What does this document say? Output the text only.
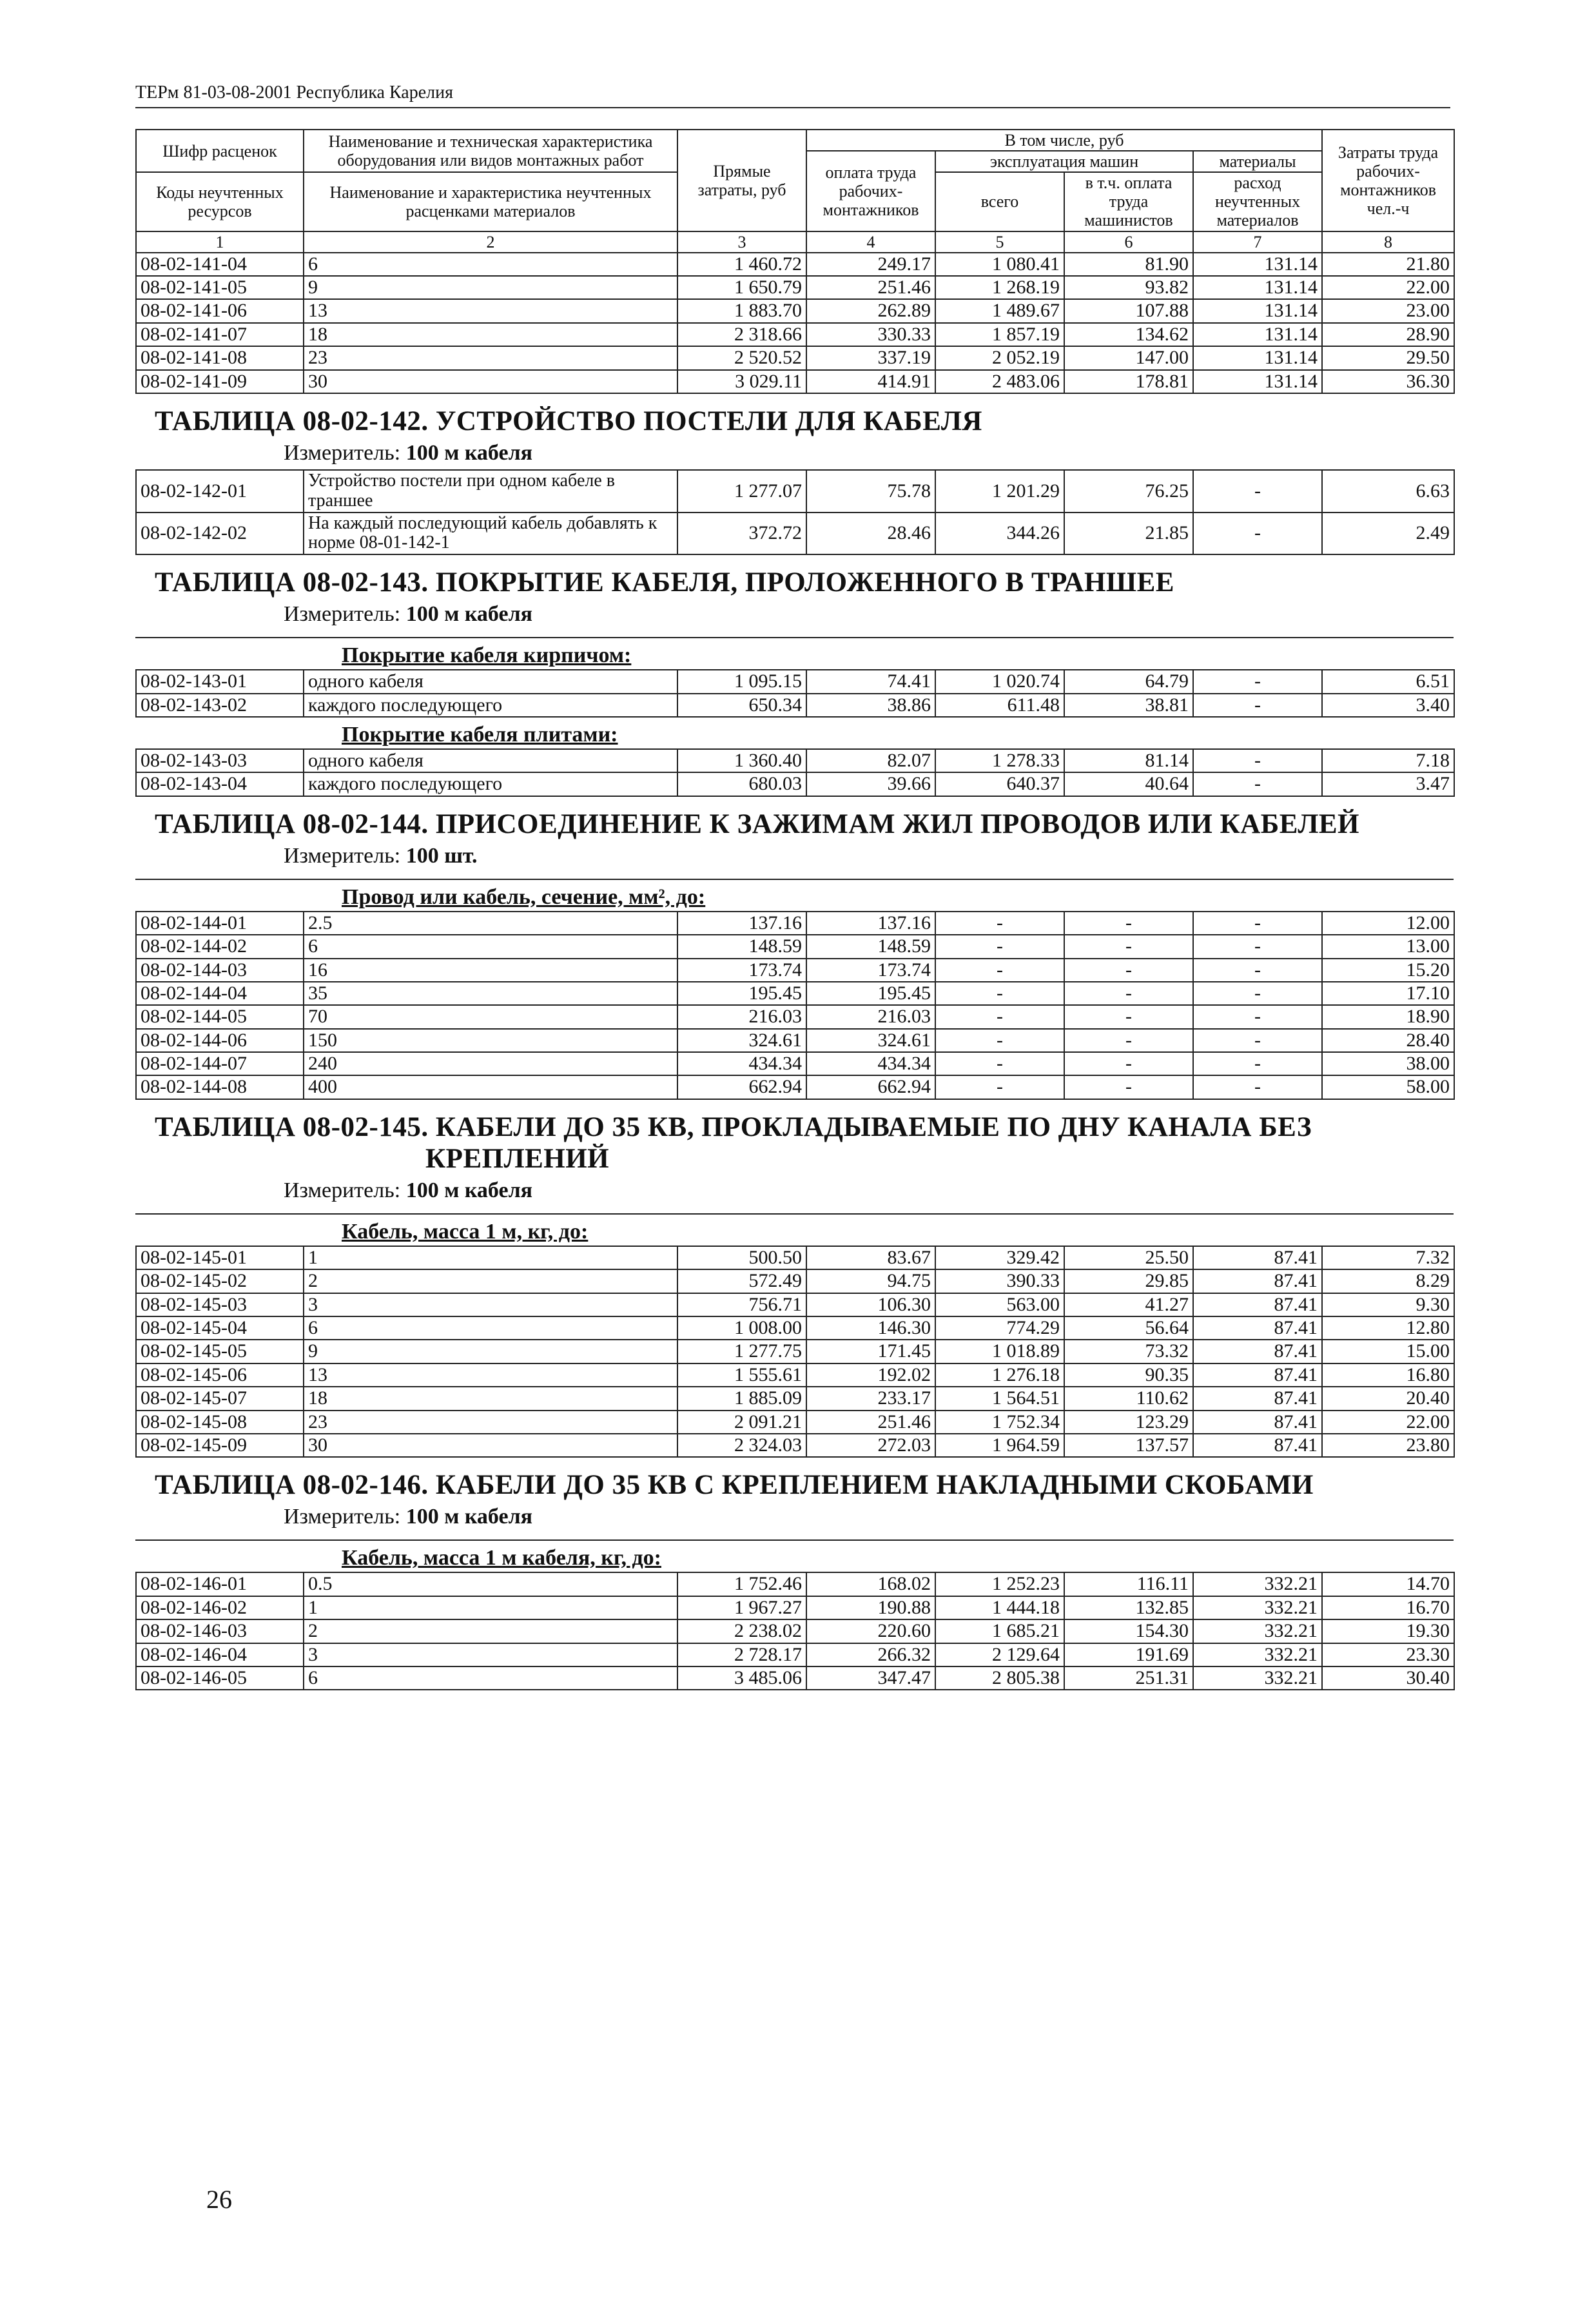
ТЕРм 81-03-08-2001 Республика Карелия
Шифр расценок	Наименование и техническая характеристика оборудования или видов монтажных работ	Прямые затраты, руб	В том числе, руб				Затраты труда рабочих-монтажников чел.-ч
			оплата труда рабочих-монтажников	эксплуатация машин		материалы	
				всего	в т.ч. оплата труда машинистов	расход неучтенных материалов	
Коды неучтенных ресурсов	Наименование и характеристика неучтенных расценками материалов						
1	2	3	4	5	6	7	8
08-02-141-04	6	1 460.72	249.17	1 080.41	81.90	131.14	21.80
08-02-141-05	9	1 650.79	251.46	1 268.19	93.82	131.14	22.00
08-02-141-06	13	1 883.70	262.89	1 489.67	107.88	131.14	23.00
08-02-141-07	18	2 318.66	330.33	1 857.19	134.62	131.14	28.90
08-02-141-08	23	2 520.52	337.19	2 052.19	147.00	131.14	29.50
08-02-141-09	30	3 029.11	414.91	2 483.06	178.81	131.14	36.30
ТАБЛИЦА 08-02-142. УСТРОЙСТВО ПОСТЕЛИ ДЛЯ КАБЕЛЯ
Измеритель: 100 м кабеля
08-02-142-01	Устройство постели при одном кабеле в траншее	1 277.07	75.78	1 201.29	76.25	-	6.63
08-02-142-02	На каждый последующий кабель добавлять к норме 08-01-142-1	372.72	28.46	344.26	21.85	-	2.49
ТАБЛИЦА 08-02-143. ПОКРЫТИЕ КАБЕЛЯ, ПРОЛОЖЕННОГО В ТРАНШЕЕ
Измеритель: 100 м кабеля
Покрытие кабеля кирпичом:
08-02-143-01	одного кабеля	1 095.15	74.41	1 020.74	64.79	-	6.51
08-02-143-02	каждого последующего	650.34	38.86	611.48	38.81	-	3.40
Покрытие кабеля плитами:
08-02-143-03	одного кабеля	1 360.40	82.07	1 278.33	81.14	-	7.18
08-02-143-04	каждого последующего	680.03	39.66	640.37	40.64	-	3.47
ТАБЛИЦА 08-02-144. ПРИСОЕДИНЕНИЕ К ЗАЖИМАМ ЖИЛ ПРОВОДОВ ИЛИ КАБЕЛЕЙ
Измеритель: 100 шт.
Провод или кабель, сечение, мм², до:
08-02-144-01	2.5	137.16	137.16	-	-	-	12.00
08-02-144-02	6	148.59	148.59	-	-	-	13.00
08-02-144-03	16	173.74	173.74	-	-	-	15.20
08-02-144-04	35	195.45	195.45	-	-	-	17.10
08-02-144-05	70	216.03	216.03	-	-	-	18.90
08-02-144-06	150	324.61	324.61	-	-	-	28.40
08-02-144-07	240	434.34	434.34	-	-	-	38.00
08-02-144-08	400	662.94	662.94	-	-	-	58.00
ТАБЛИЦА 08-02-145. КАБЕЛИ ДО 35 КВ, ПРОКЛАДЫВАЕМЫЕ ПО ДНУ КАНАЛА БЕЗ
КРЕПЛЕНИЙ
Измеритель: 100 м кабеля
Кабель, масса 1 м, кг, до:
08-02-145-01	1	500.50	83.67	329.42	25.50	87.41	7.32
08-02-145-02	2	572.49	94.75	390.33	29.85	87.41	8.29
08-02-145-03	3	756.71	106.30	563.00	41.27	87.41	9.30
08-02-145-04	6	1 008.00	146.30	774.29	56.64	87.41	12.80
08-02-145-05	9	1 277.75	171.45	1 018.89	73.32	87.41	15.00
08-02-145-06	13	1 555.61	192.02	1 276.18	90.35	87.41	16.80
08-02-145-07	18	1 885.09	233.17	1 564.51	110.62	87.41	20.40
08-02-145-08	23	2 091.21	251.46	1 752.34	123.29	87.41	22.00
08-02-145-09	30	2 324.03	272.03	1 964.59	137.57	87.41	23.80
ТАБЛИЦА 08-02-146. КАБЕЛИ ДО 35 КВ С КРЕПЛЕНИЕМ НАКЛАДНЫМИ СКОБАМИ
Измеритель: 100 м кабеля
Кабель, масса 1 м кабеля, кг, до:
08-02-146-01	0.5	1 752.46	168.02	1 252.23	116.11	332.21	14.70
08-02-146-02	1	1 967.27	190.88	1 444.18	132.85	332.21	16.70
08-02-146-03	2	2 238.02	220.60	1 685.21	154.30	332.21	19.30
08-02-146-04	3	2 728.17	266.32	2 129.64	191.69	332.21	23.30
08-02-146-05	6	3 485.06	347.47	2 805.38	251.31	332.21	30.40
26
